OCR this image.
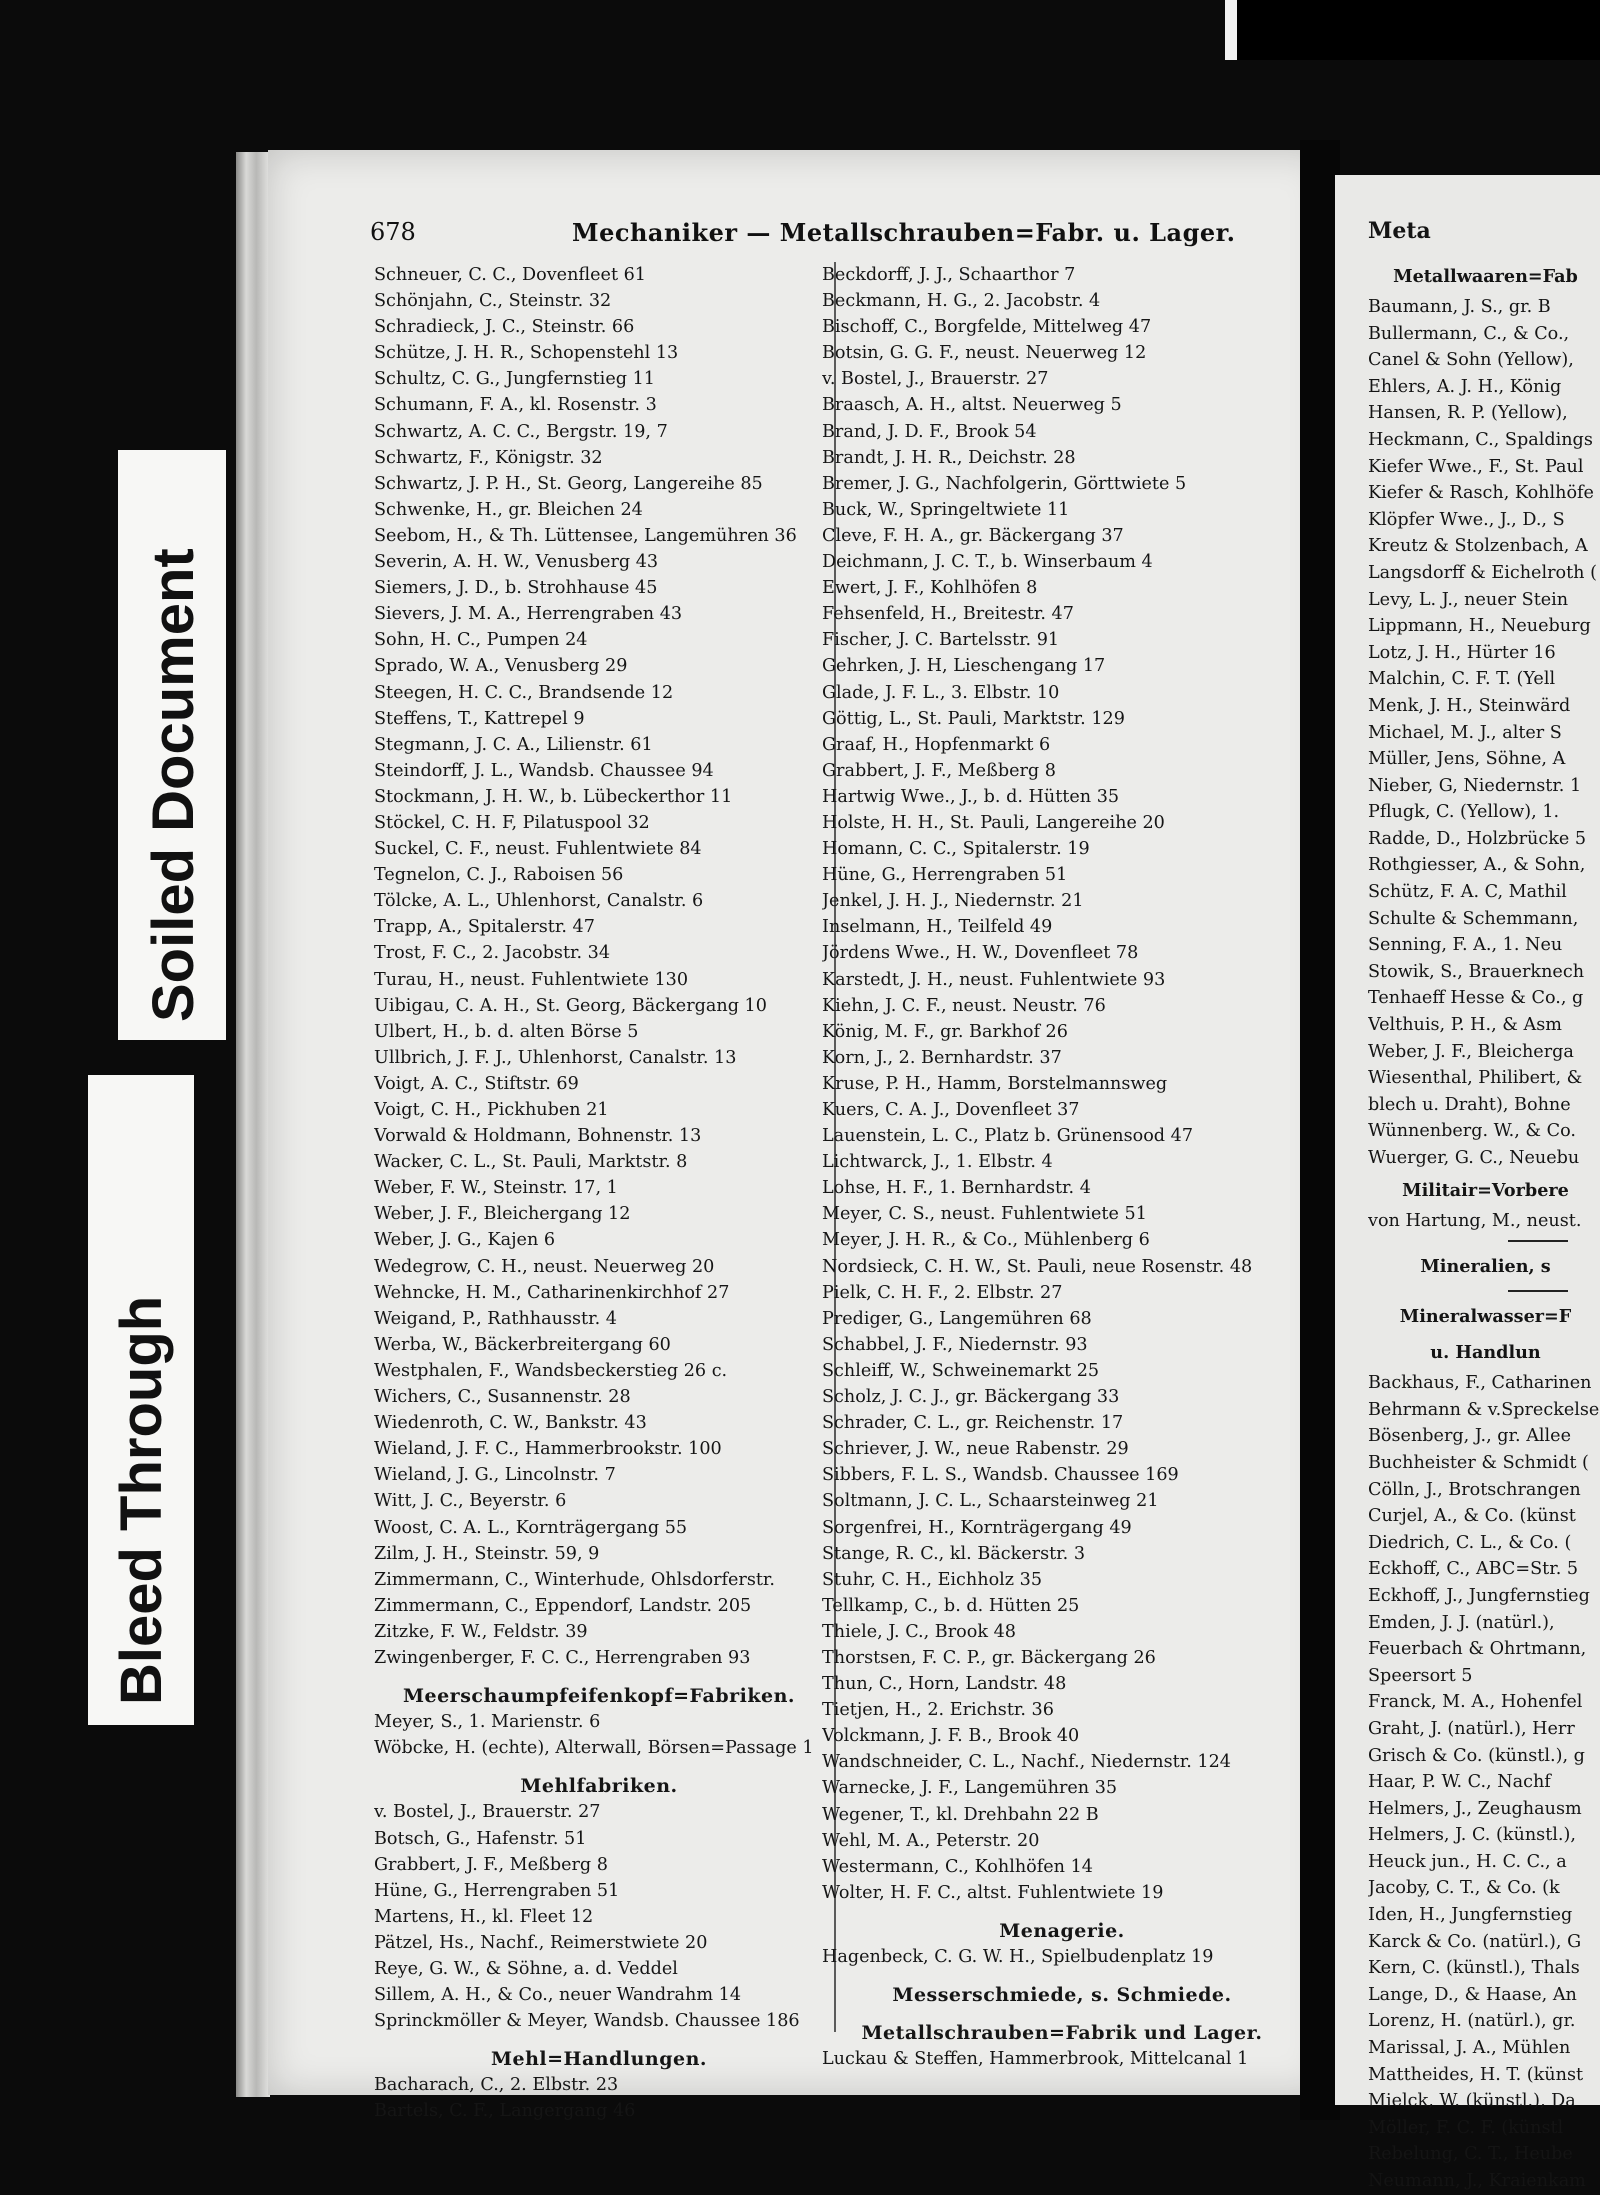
Soiled Document
Bleed Through
678	Mechaniker — Metallschrauben=Fabr. u. Lager.
Schneuer, C. C., Dovenfleet 61
Schönjahn, C., Steinstr. 32
Schradieck, J. C., Steinstr. 66
Schütze, J. H. R., Schopenstehl 13
Schultz, C. G., Jungfernstieg 11
Schumann, F. A., kl. Rosenstr. 3
Schwartz, A. C. C., Bergstr. 19, 7
Schwartz, F., Königstr. 32
Schwartz, J. P. H., St. Georg, Langereihe 85
Schwenke, H., gr. Bleichen 24
Seebom, H., & Th. Lüttensee, Langemühren 36
Severin, A. H. W., Venusberg 43
Siemers, J. D., b. Strohhause 45
Sievers, J. M. A., Herrengraben 43
Sohn, H. C., Pumpen 24
Sprado, W. A., Venusberg 29
Steegen, H. C. C., Brandsende 12
Steffens, T., Kattrepel 9
Stegmann, J. C. A., Lilienstr. 61
Steindorff, J. L., Wandsb. Chaussee 94
Stockmann, J. H. W., b. Lübeckerthor 11
Stöckel, C. H. F, Pilatuspool 32
Suckel, C. F., neust. Fuhlentwiete 84
Tegnelon, C. J., Raboisen 56
Tölcke, A. L., Uhlenhorst, Canalstr. 6
Trapp, A., Spitalerstr. 47
Trost, F. C., 2. Jacobstr. 34
Turau, H., neust. Fuhlentwiete 130
Uibigau, C. A. H., St. Georg, Bäckergang 10
Ulbert, H., b. d. alten Börse 5
Ullbrich, J. F. J., Uhlenhorst, Canalstr. 13
Voigt, A. C., Stiftstr. 69
Voigt, C. H., Pickhuben 21
Vorwald & Holdmann, Bohnenstr. 13
Wacker, C. L., St. Pauli, Marktstr. 8
Weber, F. W., Steinstr. 17, 1
Weber, J. F., Bleichergang 12
Weber, J. G., Kajen 6
Wedegrow, C. H., neust. Neuerweg 20
Wehncke, H. M., Catharinenkirchhof 27
Weigand, P., Rathhausstr. 4
Werba, W., Bäckerbreitergang 60
Westphalen, F., Wandsbeckerstieg 26 c.
Wichers, C., Susannenstr. 28
Wiedenroth, C. W., Bankstr. 43
Wieland, J. F. C., Hammerbrookstr. 100
Wieland, J. G., Lincolnstr. 7
Witt, J. C., Beyerstr. 6
Woost, C. A. L., Kornträgergang 55
Zilm, J. H., Steinstr. 59, 9
Zimmermann, C., Winterhude, Ohlsdorferstr.
Zimmermann, C., Eppendorf, Landstr. 205
Zitzke, F. W., Feldstr. 39
Zwingenberger, F. C. C., Herrengraben 93
Meerschaumpfeifenkopf=Fabriken.
Meyer, S., 1. Marienstr. 6
Wöbcke, H. (echte), Alterwall, Börsen=Passage 1
Mehlfabriken.
v. Bostel, J., Brauerstr. 27
Botsch, G., Hafenstr. 51
Grabbert, J. F., Meßberg 8
Hüne, G., Herrengraben 51
Martens, H., kl. Fleet 12
Pätzel, Hs., Nachf., Reimerstwiete 20
Reye, G. W., & Söhne, a. d. Veddel
Sillem, A. H., & Co., neuer Wandrahm 14
Sprinckmöller & Meyer, Wandsb. Chaussee 186
Mehl=Handlungen.
Bacharach, C., 2. Elbstr. 23
Bartels, C. F., Langergang 46
Beckdorff, J. J., Schaarthor 7
Beckmann, H. G., 2. Jacobstr. 4
Bischoff, C., Borgfelde, Mittelweg 47
Botsin, G. G. F., neust. Neuerweg 12
v. Bostel, J., Brauerstr. 27
Braasch, A. H., altst. Neuerweg 5
Brand, J. D. F., Brook 54
Brandt, J. H. R., Deichstr. 28
Bremer, J. G., Nachfolgerin, Görttwiete 5
Buck, W., Springeltwiete 11
Cleve, F. H. A., gr. Bäckergang 37
Deichmann, J. C. T., b. Winserbaum 4
Ewert, J. F., Kohlhöfen 8
Fehsenfeld, H., Breitestr. 47
Fischer, J. C. Bartelsstr. 91
Gehrken, J. H, Lieschengang 17
Glade, J. F. L., 3. Elbstr. 10
Göttig, L., St. Pauli, Marktstr. 129
Graaf, H., Hopfenmarkt 6
Grabbert, J. F., Meßberg 8
Hartwig Wwe., J., b. d. Hütten 35
Holste, H. H., St. Pauli, Langereihe 20
Homann, C. C., Spitalerstr. 19
Hüne, G., Herrengraben 51
Jenkel, J. H. J., Niedernstr. 21
Inselmann, H., Teilfeld 49
Jördens Wwe., H. W., Dovenfleet 78
Karstedt, J. H., neust. Fuhlentwiete 93
Kiehn, J. C. F., neust. Neustr. 76
König, M. F., gr. Barkhof 26
Korn, J., 2. Bernhardstr. 37
Kruse, P. H., Hamm, Borstelmannsweg
Kuers, C. A. J., Dovenfleet 37
Lauenstein, L. C., Platz b. Grünensood 47
Lichtwarck, J., 1. Elbstr. 4
Lohse, H. F., 1. Bernhardstr. 4
Meyer, C. S., neust. Fuhlentwiete 51
Meyer, J. H. R., & Co., Mühlenberg 6
Nordsieck, C. H. W., St. Pauli, neue Rosenstr. 48
Pielk, C. H. F., 2. Elbstr. 27
Prediger, G., Langemühren 68
Schabbel, J. F., Niedernstr. 93
Schleiff, W., Schweinemarkt 25
Scholz, J. C. J., gr. Bäckergang 33
Schrader, C. L., gr. Reichenstr. 17
Schriever, J. W., neue Rabenstr. 29
Sibbers, F. L. S., Wandsb. Chaussee 169
Soltmann, J. C. L., Schaarsteinweg 21
Sorgenfrei, H., Kornträgergang 49
Stange, R. C., kl. Bäckerstr. 3
Stuhr, C. H., Eichholz 35
Tellkamp, C., b. d. Hütten 25
Thiele, J. C., Brook 48
Thorstsen, F. C. P., gr. Bäckergang 26
Thun, C., Horn, Landstr. 48
Tietjen, H., 2. Erichstr. 36
Volckmann, J. F. B., Brook 40
Wandschneider, C. L., Nachf., Niedernstr. 124
Warnecke, J. F., Langemühren 35
Wegener, T., kl. Drehbahn 22 B
Wehl, M. A., Peterstr. 20
Westermann, C., Kohlhöfen 14
Wolter, H. F. C., altst. Fuhlentwiete 19
Menagerie.
Hagenbeck, C. G. W. H., Spielbudenplatz 19
Messerschmiede, s. Schmiede.
Metallschrauben=Fabrik und Lager.
Luckau & Steffen, Hammerbrook, Mittelcanal 1
Meta
Metallwaaren=Fab
Baumann, J. S., gr. B
Bullermann, C., & Co.,
Canel & Sohn (Yellow),
Ehlers, A. J. H., König
Hansen, R. P. (Yellow),
Heckmann, C., Spaldings
Kiefer Wwe., F., St. Paul
Kiefer & Rasch, Kohlhöfe
Klöpfer Wwe., J., D., S
Kreutz & Stolzenbach, A
Langsdorff & Eichelroth (
Levy, L. J., neuer Stein
Lippmann, H., Neueburg
Lotz, J. H., Hürter 16
Malchin, C. F. T. (Yell
Menk, J. H., Steinwärd
Michael, M. J., alter S
Müller, Jens, Söhne, A
Nieber, G, Niedernstr. 1
Pflugk, C. (Yellow), 1.
Radde, D., Holzbrücke 5
Rothgiesser, A., & Sohn,
Schütz, F. A. C, Mathil
Schulte & Schemmann,
Senning, F. A., 1. Neu
Stowik, S., Brauerknech
Tenhaeff Hesse & Co., g
Velthuis, P. H., & Asm
Weber, J. F., Bleicherga
Wiesenthal, Philibert, &
blech u. Draht), Bohne
Wünnenberg. W., & Co.
Wuerger, G. C., Neuebu
Militair=Vorbere
von Hartung, M., neust.
Mineralien, s
Mineralwasser=F
u. Handlun
Backhaus, F., Catharinen
Behrmann & v.Spreckelse
Bösenberg, J., gr. Allee
Buchheister & Schmidt (
Cölln, J., Brotschrangen
Curjel, A., & Co. (künst
Diedrich, C. L., & Co. (
Eckhoff, C., ABC=Str. 5
Eckhoff, J., Jungfernstieg
Emden, J. J. (natürl.),
Feuerbach & Ohrtmann,
Speersort 5
Franck, M. A., Hohenfel
Graht, J. (natürl.), Herr
Grisch & Co. (künstl.), g
Haar, P. W. C., Nachf
Helmers, J., Zeughausm
Helmers, J. C. (künstl.),
Heuck jun., H. C. C., a
Jacoby, C. T., & Co. (k
Iden, H., Jungfernstieg
Karck & Co. (natürl.), G
Kern, C. (künstl.), Thals
Lange, D., & Haase, An
Lorenz, H. (natürl.), gr.
Marissal, J. A., Mühlen
Mattheides, H. T. (künst
Mielck, W. (künstl.), Da
Möller, F. C. F. (künstl
Rebelung, C. T., Heube
Neumann, J., Kraienkam
